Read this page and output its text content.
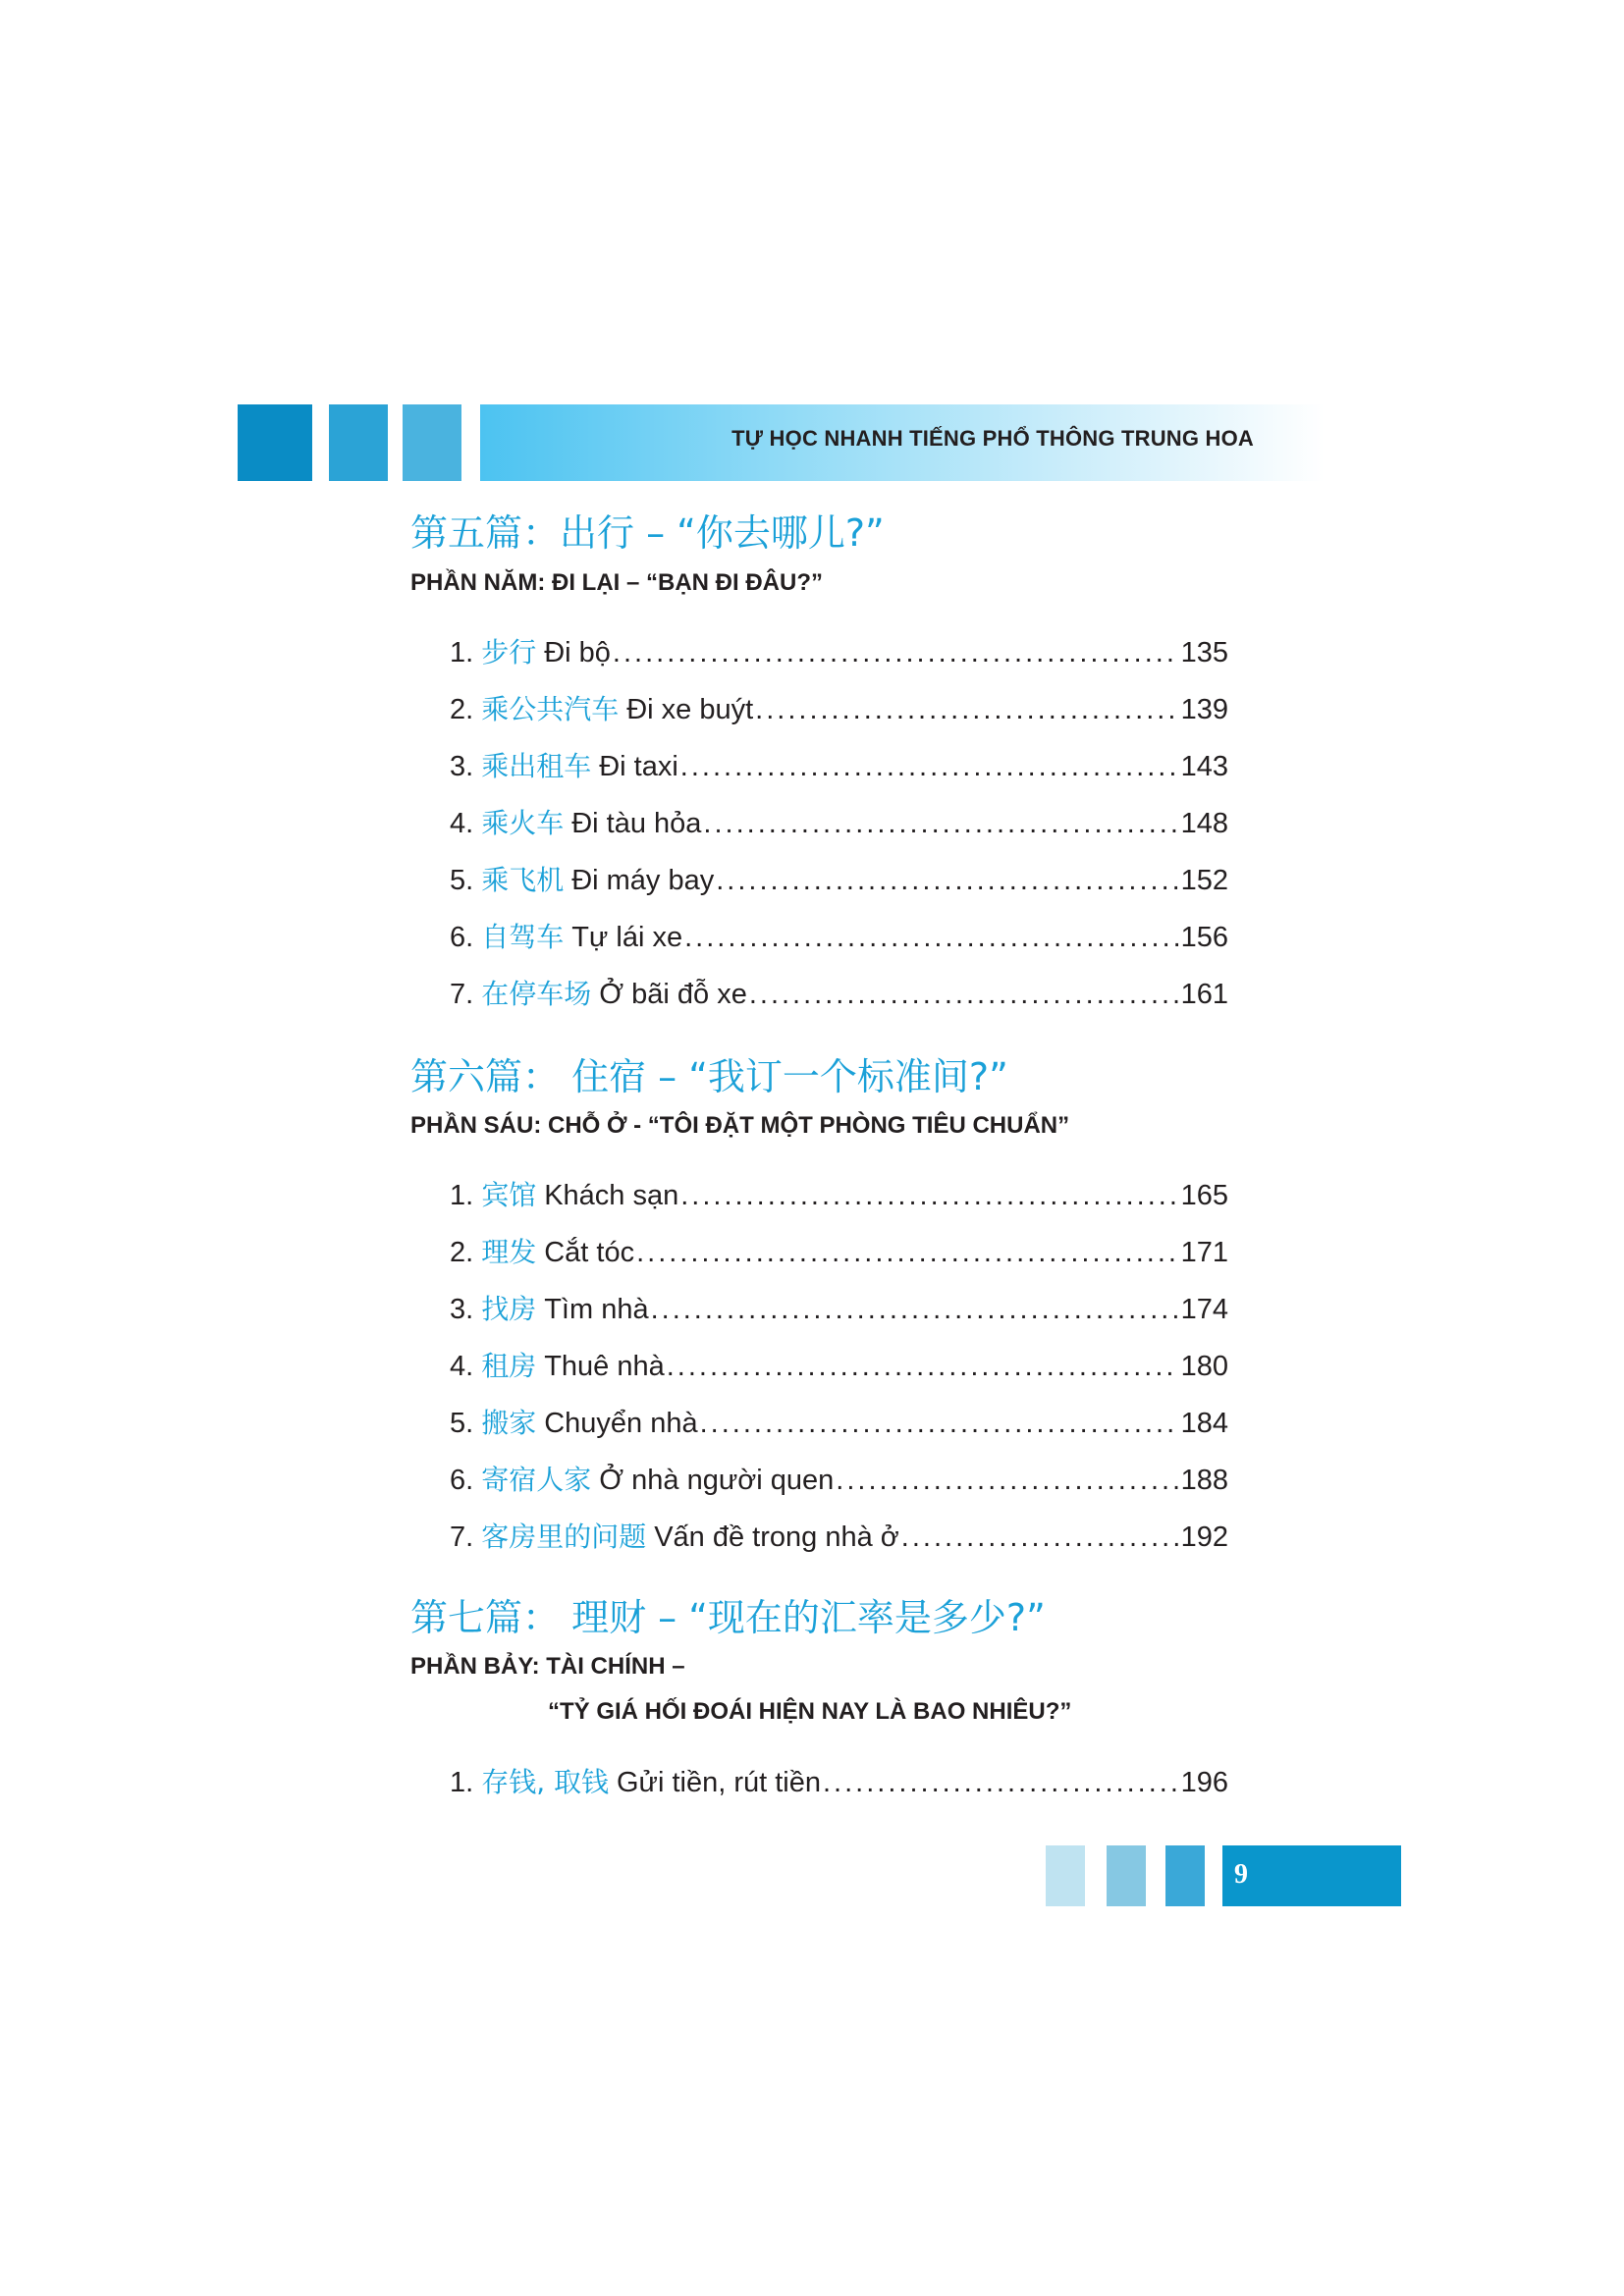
TỰ HỌC NHANH TIẾNG PHỔ THÔNG TRUNG HOA
第五篇：出行 – “你去哪儿?”
PHẦN NĂM: ĐI LẠI – “BẠN ĐI ĐÂU?”
1. 步行 Đi bộ .....	135
2. 乘公共汽车 Đi xe buýt .....	139
3. 乘出租车 Đi taxi .....	143
4. 乘火车 Đi tàu hỏa .....	148
5. 乘飞机 Đi máy bay .....	152
6. 自驾车 Tự lái xe .....	156
7. 在停车场 Ở bãi đỗ xe .....	161
第六篇： 住宿 – “我订一个标准间?”
PHẦN SÁU: CHỖ Ở - “TÔI ĐẶT MỘT PHÒNG TIÊU CHUẨN”
1. 宾馆 Khách sạn .....	165
2. 理发 Cắt tóc .....	171
3. 找房 Tìm nhà .....	174
4. 租房 Thuê nhà .....	180
5. 搬家 Chuyển nhà .....	184
6. 寄宿人家 Ở nhà người quen .....	188
7. 客房里的问题 Vấn đề trong nhà ở .....	192
第七篇： 理财 – “现在的汇率是多少?”
PHẦN BẢY: TÀI CHÍNH –
“TỶ GIÁ HỐI ĐOÁI HIỆN NAY LÀ BAO NHIÊU?”
1. 存钱, 取钱 Gửi tiền, rút tiền .....	196
9
